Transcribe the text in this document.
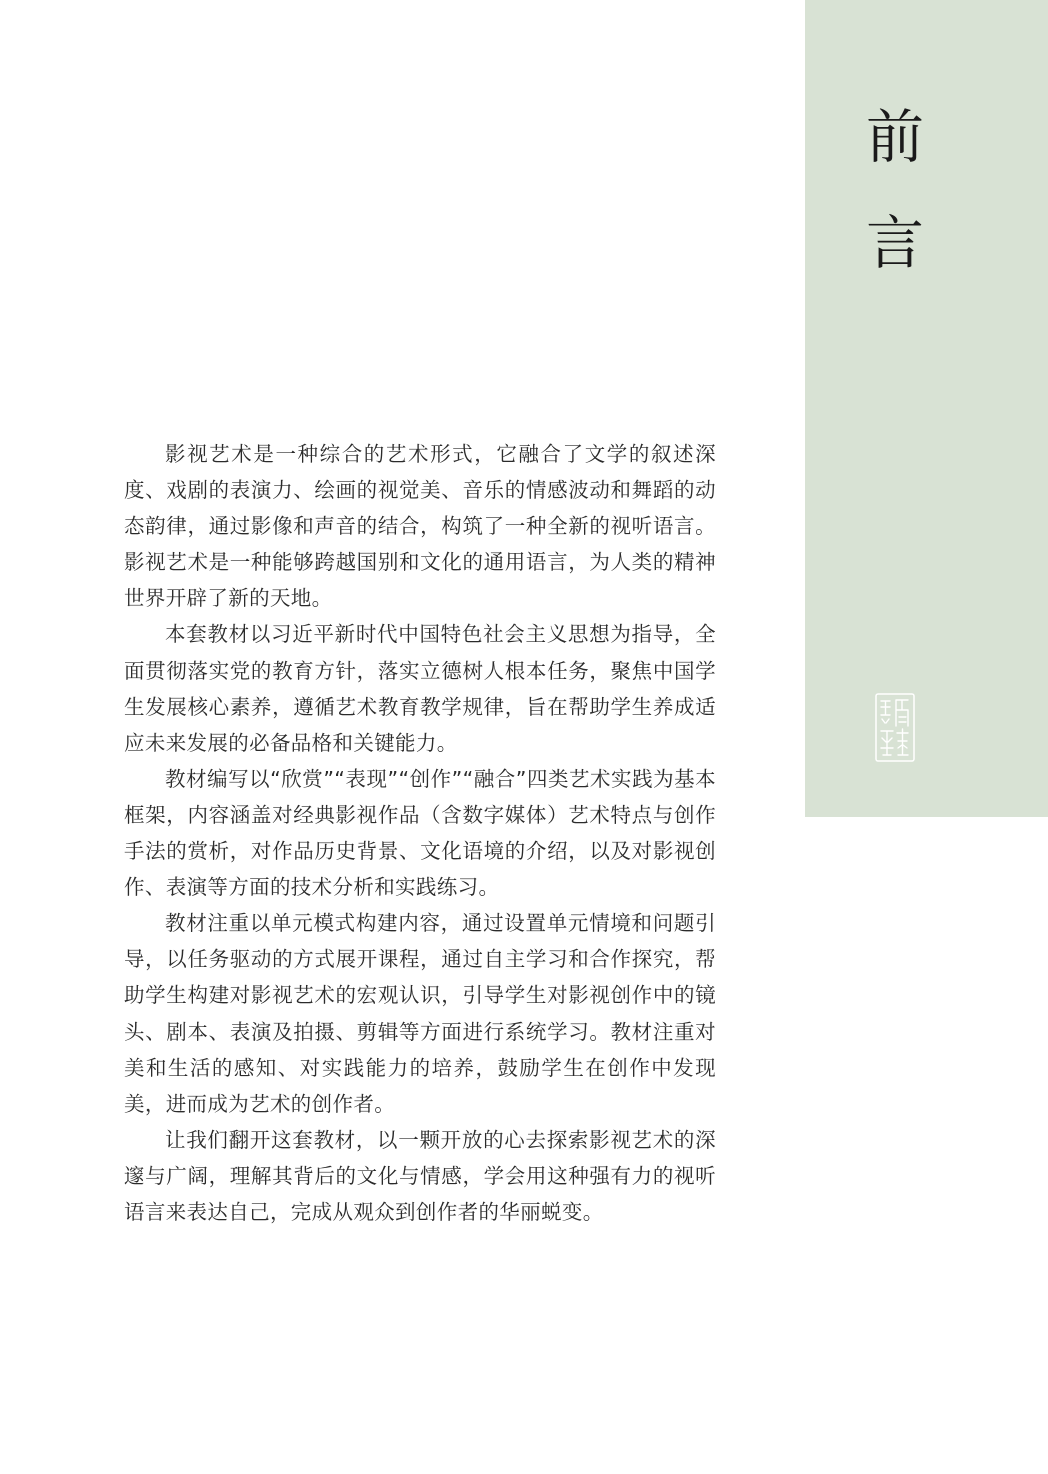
前
言

影视艺术是一种综合的艺术形式，它融合了文学的叙述深度、戏剧的表演力、绘画的视觉美、音乐的情感波动和舞蹈的动态韵律，通过影像和声音的结合，构筑了一种全新的视听语言。影视艺术是一种能够跨越国别和文化的通用语言，为人类的精神世界开辟了新的天地。

本套教材以习近平新时代中国特色社会主义思想为指导，全面贯彻落实党的教育方针，落实立德树人根本任务，聚焦中国学生发展核心素养，遵循艺术教育教学规律，旨在帮助学生养成适应未来发展的必备品格和关键能力。

教材编写以“欣赏”“表现”“创作”“融合”四类艺术实践为基本框架，内容涵盖对经典影视作品（含数字媒体）艺术特点与创作手法的赏析，对作品历史背景、文化语境的介绍，以及对影视创作、表演等方面的技术分析和实践练习。

教材注重以单元模式构建内容，通过设置单元情境和问题引导，以任务驱动的方式展开课程，通过自主学习和合作探究，帮助学生构建对影视艺术的宏观认识，引导学生对影视创作中的镜头、剧本、表演及拍摄、剪辑等方面进行系统学习。教材注重对美和生活的感知、对实践能力的培养，鼓励学生在创作中发现美，进而成为艺术的创作者。

让我们翻开这套教材，以一颗开放的心去探索影视艺术的深邃与广阔，理解其背后的文化与情感，学会用这种强有力的视听语言来表达自己，完成从观众到创作者的华丽蜕变。
